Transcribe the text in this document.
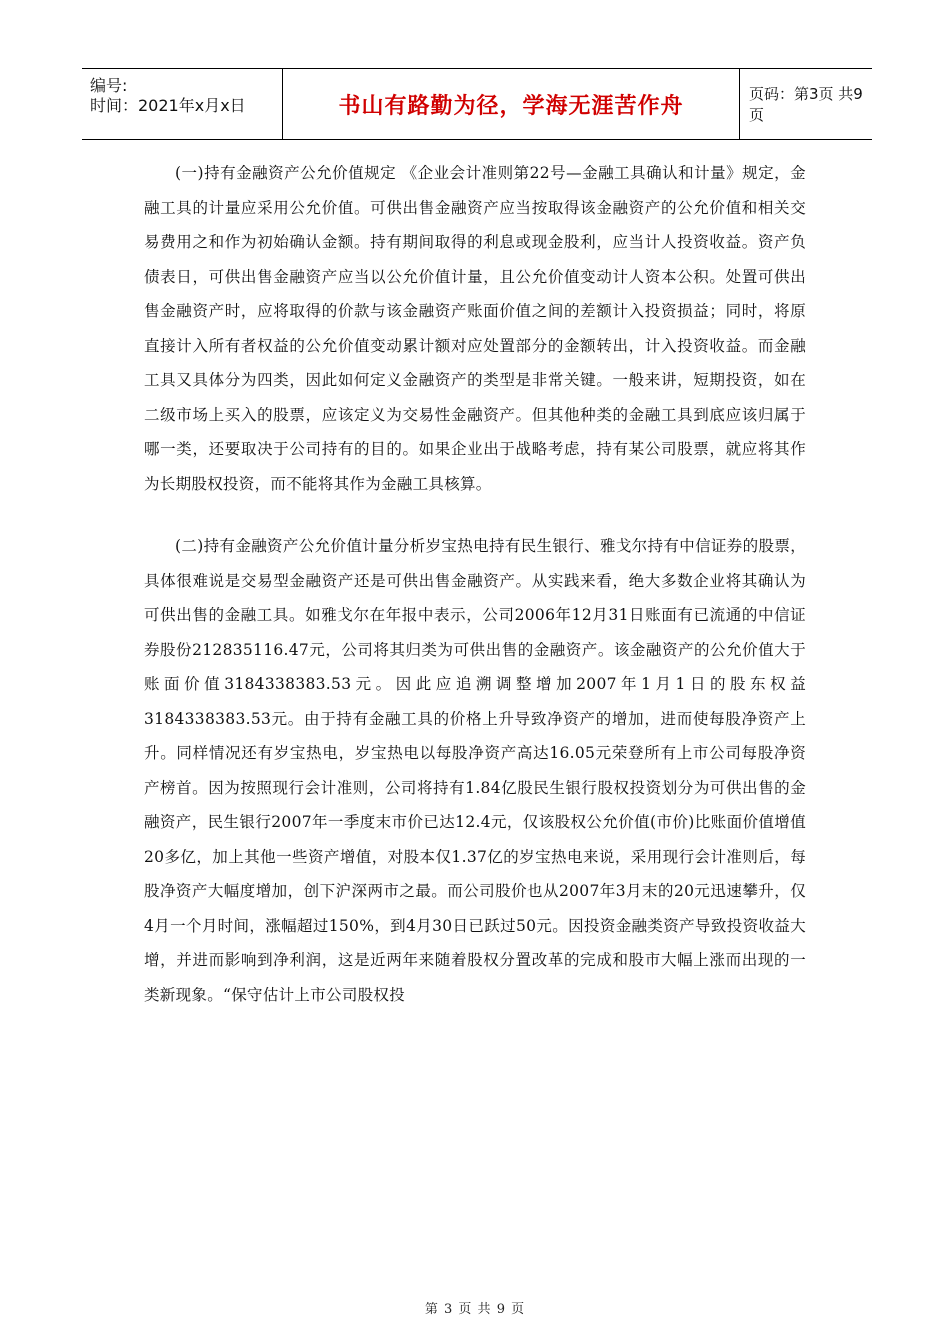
编号:
时间：2021年x月x日	书山有路勤为径，学海无涯苦作舟	页码：第3页 共9页

(一)持有金融资产公允价值规定 《企业会计准则第22号—金融工具确认和计量》规定，金融工具的计量应采用公允价值。可供出售金融资产应当按取得该金融资产的公允价值和相关交易费用之和作为初始确认金额。持有期间取得的利息或现金股利，应当计人投资收益。资产负债表日，可供出售金融资产应当以公允价值计量，且公允价值变动计人资本公积。处置可供出售金融资产时，应将取得的价款与该金融资产账面价值之间的差额计入投资损益；同时，将原直接计入所有者权益的公允价值变动累计额对应处置部分的金额转出，计入投资收益。而金融工具又具体分为四类，因此如何定义金融资产的类型是非常关键。一般来讲，短期投资，如在二级市场上买入的股票，应该定义为交易性金融资产。但其他种类的金融工具到底应该归属于哪一类，还要取决于公司持有的目的。如果企业出于战略考虑，持有某公司股票，就应将其作为长期股权投资，而不能将其作为金融工具核算。

(二)持有金融资产公允价值计量分析岁宝热电持有民生银行、雅戈尔持有中信证券的股票，具体很难说是交易型金融资产还是可供出售金融资产。从实践来看，绝大多数企业将其确认为可供出售的金融工具。如雅戈尔在年报中表示，公司2006年12月31日账面有已流通的中信证券股份212835116.47元，公司将其归类为可供出售的金融资产。该金融资产的公允价值大于账面价值3184338383.53元。因此应追溯调整增加2007年1月1日的股东权益3184338383.53元。由于持有金融工具的价格上升导致净资产的增加，进而使每股净资产上升。同样情况还有岁宝热电，岁宝热电以每股净资产高达16.05元荣登所有上市公司每股净资产榜首。因为按照现行会计准则，公司将持有1.84亿股民生银行股权投资划分为可供出售的金融资产，民生银行2007年一季度末市价已达12.4元，仅该股权公允价值(市价)比账面价值增值20多亿，加上其他一些资产增值，对股本仅1.37亿的岁宝热电来说，采用现行会计准则后，每股净资产大幅度增加，创下沪深两市之最。而公司股价也从2007年3月末的20元迅速攀升，仅4月一个月时间，涨幅超过150%，到4月30日已跃过50元。因投资金融类资产导致投资收益大增，并进而影响到净利润，这是近两年来随着股权分置改革的完成和股市大幅上涨而出现的一类新现象。“保守估计上市公司股权投

第 3 页 共 9 页
